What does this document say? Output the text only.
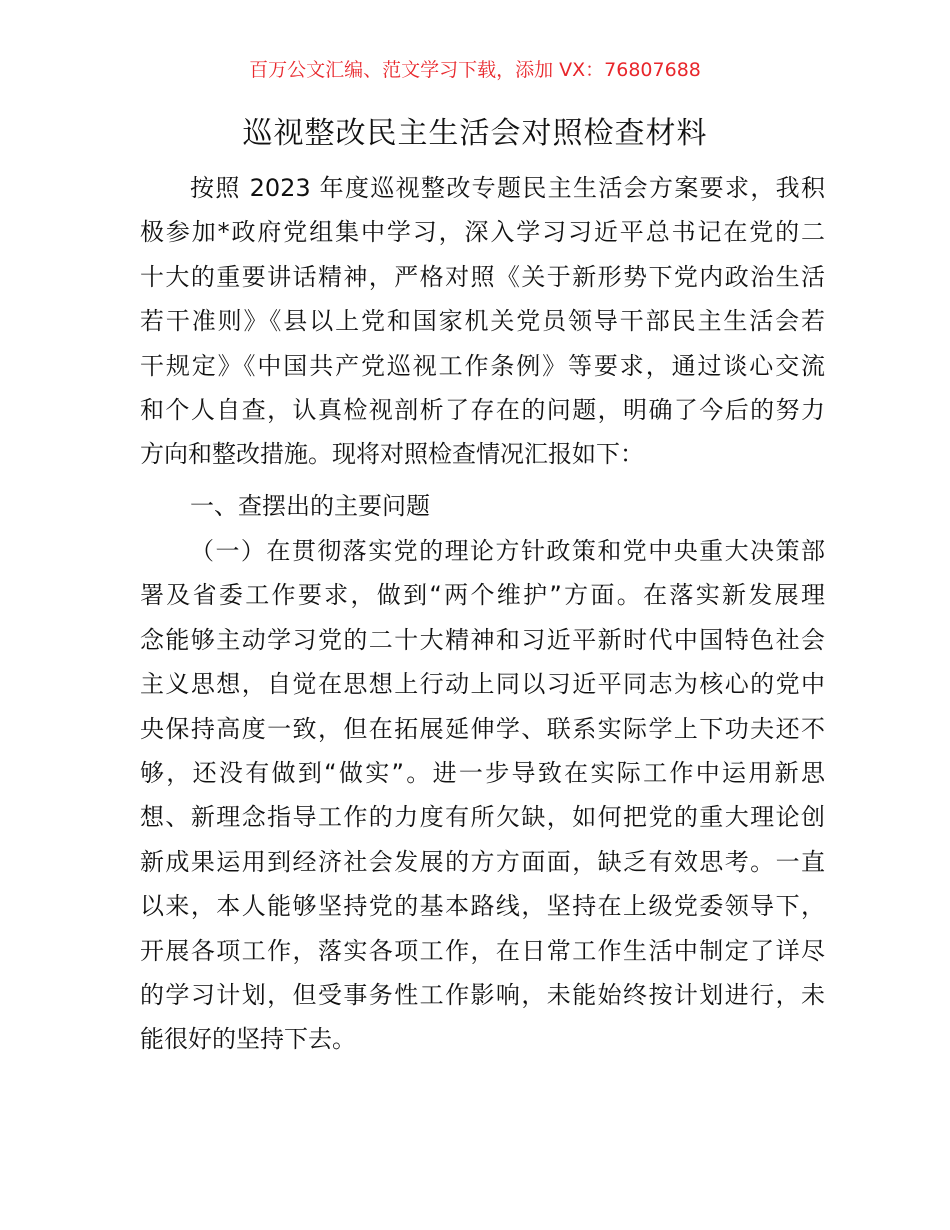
百万公文汇编、范文学习下载，添加 VX：76807688
巡视整改民主生活会对照检查材料
按照 2023 年度巡视整改专题民主生活会方案要求，我积
极参加*政府党组集中学习，深入学习习近平总书记在党的二
十大的重要讲话精神，严格对照《关于新形势下党内政治生活
若干准则》《县以上党和国家机关党员领导干部民主生活会若
干规定》《中国共产党巡视工作条例》等要求，通过谈心交流
和个人自查，认真检视剖析了存在的问题，明确了今后的努力
方向和整改措施。现将对照检查情况汇报如下：
一、查摆出的主要问题
（一）在贯彻落实党的理论方针政策和党中央重大决策部
署及省委工作要求，做到“两个维护”方面。在落实新发展理
念能够主动学习党的二十大精神和习近平新时代中国特色社会
主义思想，自觉在思想上行动上同以习近平同志为核心的党中
央保持高度一致，但在拓展延伸学、联系实际学上下功夫还不
够，还没有做到“做实”。进一步导致在实际工作中运用新思
想、新理念指导工作的力度有所欠缺，如何把党的重大理论创
新成果运用到经济社会发展的方方面面，缺乏有效思考。一直
以来，本人能够坚持党的基本路线，坚持在上级党委领导下，
开展各项工作，落实各项工作，在日常工作生活中制定了详尽
的学习计划，但受事务性工作影响，未能始终按计划进行，未
能很好的坚持下去。
